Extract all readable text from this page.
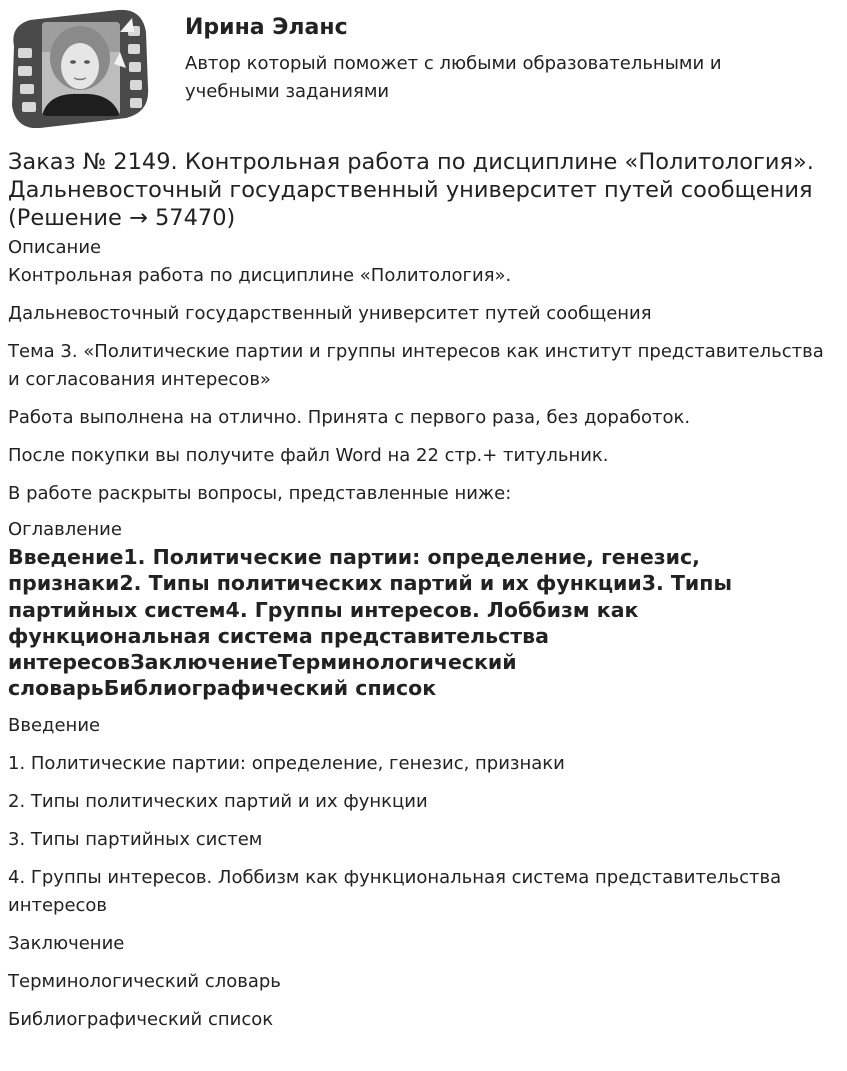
Ирина Эланс
Автор который поможет с любыми образовательными и учебными заданиями
Заказ № 2149. Контрольная работа по дисциплине «Политология». Дальневосточный государственный университет путей сообщения (Решение → 57470)
Описание
Контрольная работа по дисциплине «Политология».
Дальневосточный государственный университет путей сообщения
Тема 3. «Политические партии и группы интересов как институт представительства и согласования интересов»
Работа выполнена на отлично. Принята с первого раза, без доработок.
После покупки вы получите файл Word на 22 стр.+ титульник.
В работе раскрыты вопросы, представленные ниже:
Оглавление
Введение1. Политические партии: определение, генезис, признаки2. Типы политических партий и их функции3. Типы партийных систем4. Группы интересов. Лоббизм как функциональная система представительства интересовЗаключениеТерминологический словарьБиблиографический список
Введение
1. Политические партии: определение, генезис, признаки
2. Типы политических партий и их функции
3. Типы партийных систем
4. Группы интересов. Лоббизм как функциональная система представительства интересов
Заключение
Терминологический словарь
Библиографический список
